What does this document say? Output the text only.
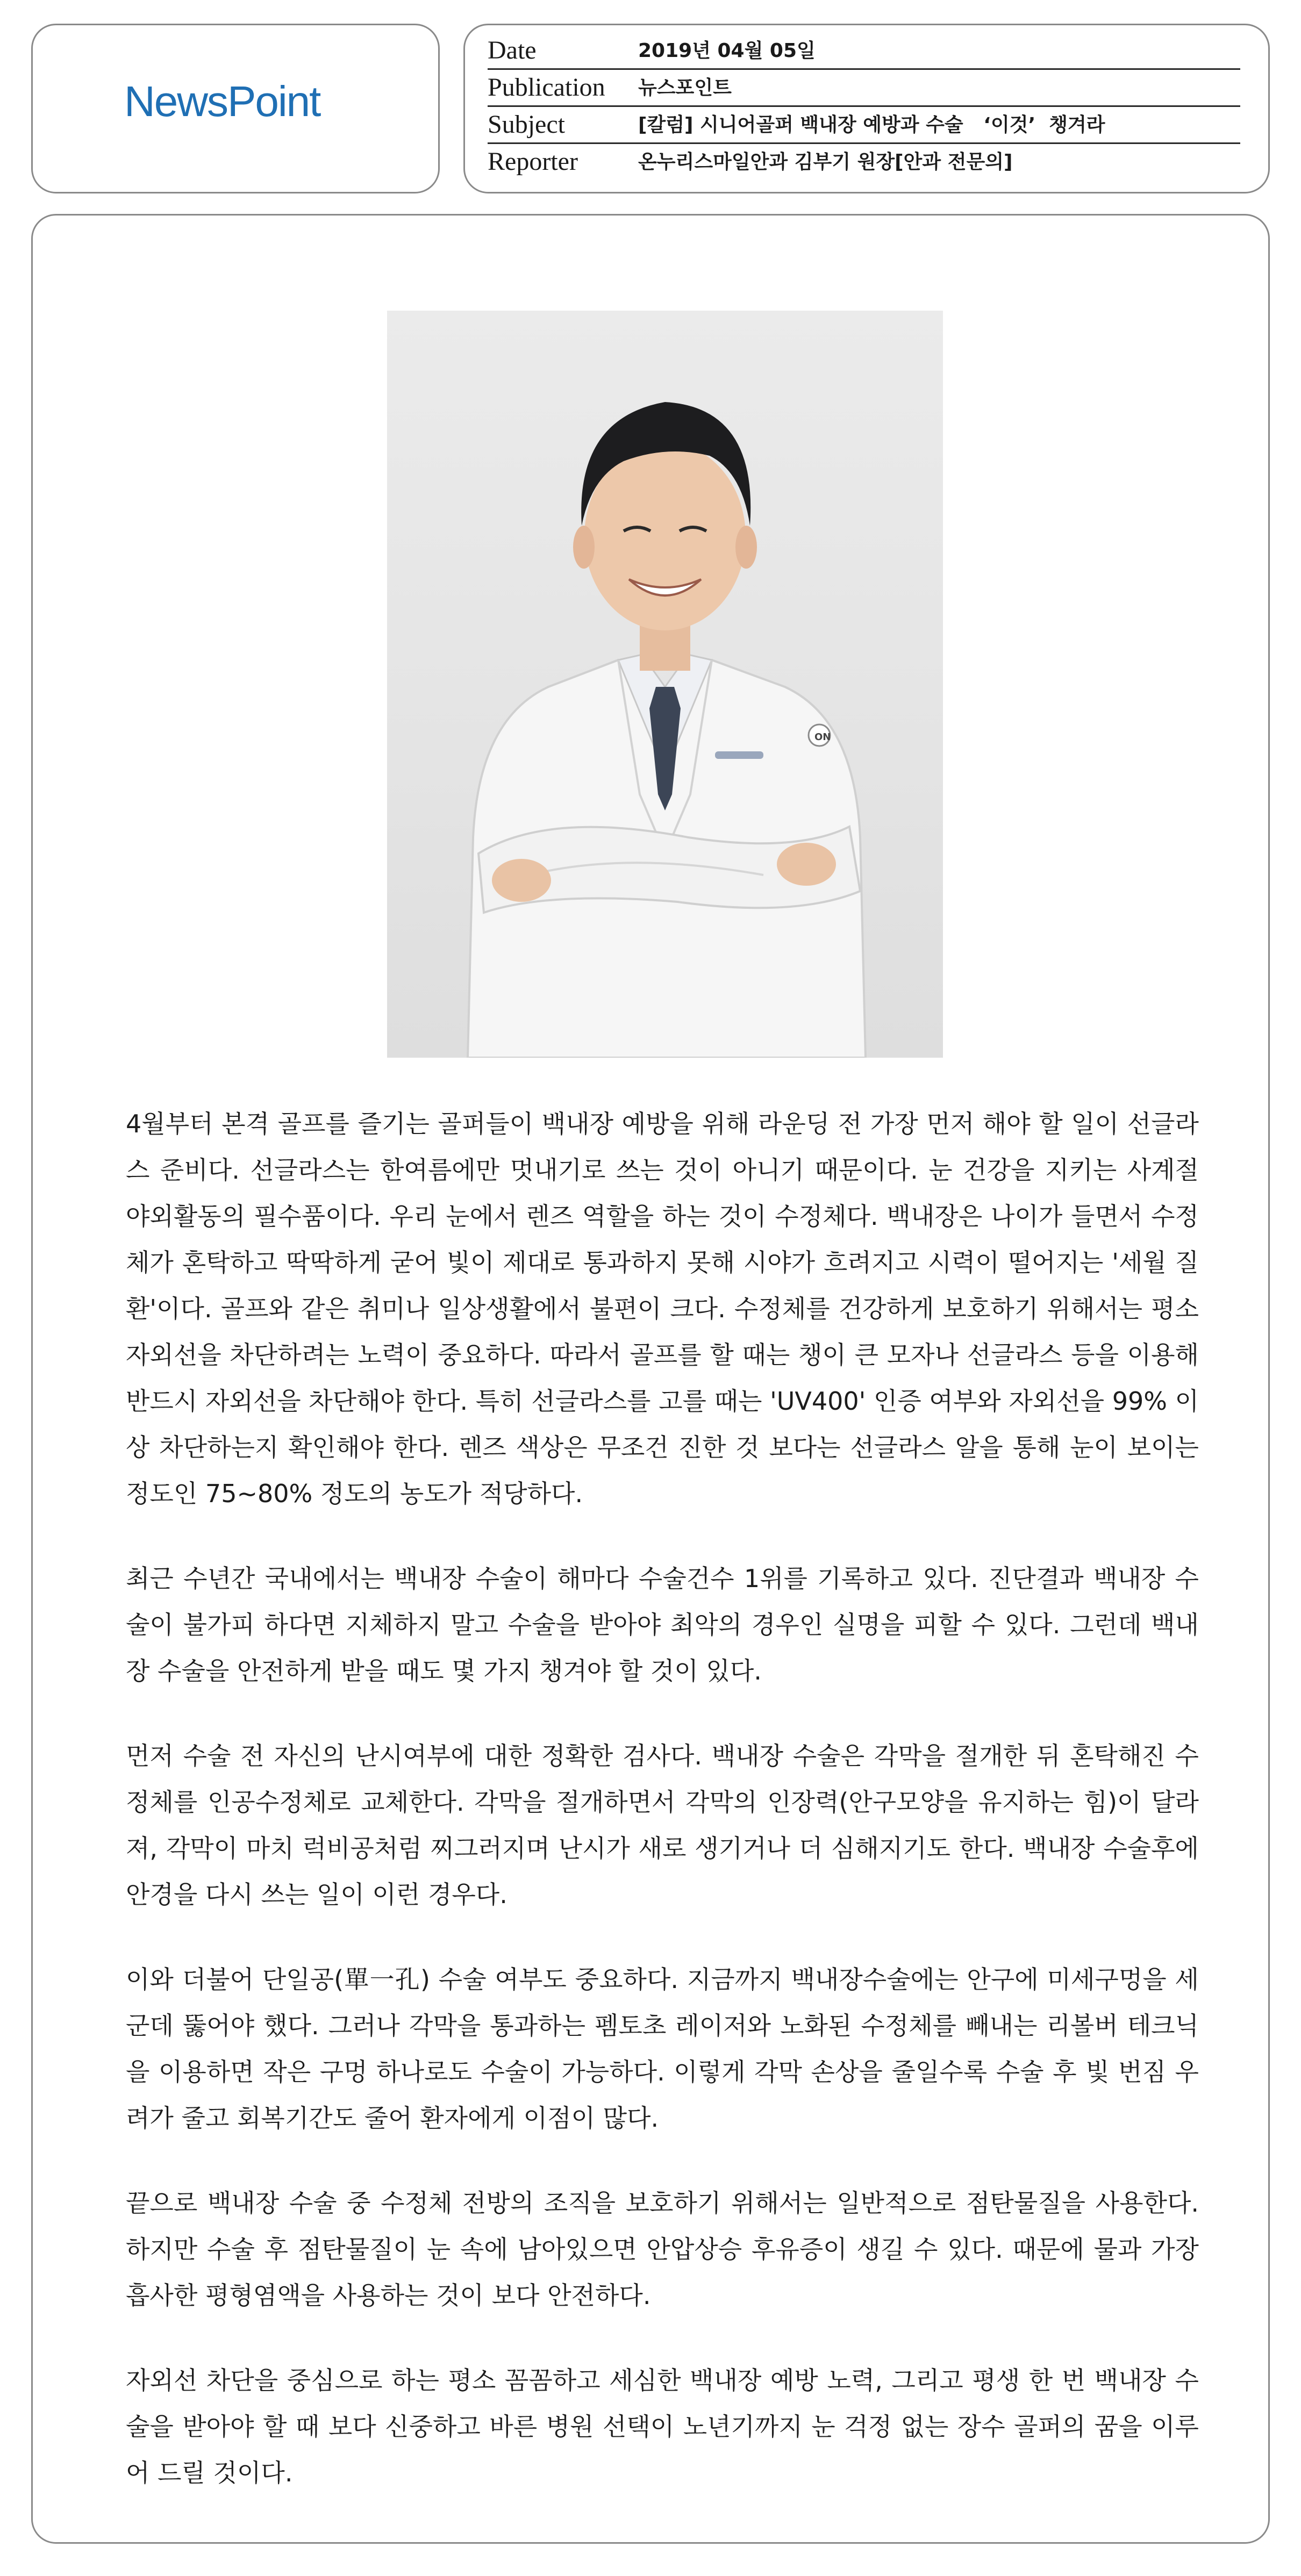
NewsPoint
Date	2019년 04월 05일
Publication 뉴스포인트
Subject	[칼럼] 시니어골퍼 백내장 예방과 수술   ‘이것’  챙겨라
Reporter	온누리스마일안과 김부기 원장[안과 전문의]
ON

4월부터 본격 골프를 즐기는 골퍼들이 백내장 예방을 위해 라운딩 전 가장 먼저 해야 할 일이 선글라스 준비다. 선글라스는 한여름에만 멋내기로 쓰는 것이 아니기 때문이다. 눈 건강을 지키는 사계절 야외활동의 필수품이다. 우리 눈에서 렌즈 역할을 하는 것이 수정체다. 백내장은 나이가 들면서 수정체가 혼탁하고 딱딱하게 굳어 빛이 제대로 통과하지 못해 시야가 흐려지고 시력이 떨어지는 '세월 질환'이다. 골프와 같은 취미나 일상생활에서 불편이 크다. 수정체를 건강하게 보호하기 위해서는 평소 자외선을 차단하려는 노력이 중요하다. 따라서 골프를 할 때는 챙이 큰 모자나 선글라스 등을 이용해 반드시 자외선을 차단해야 한다. 특히 선글라스를 고를 때는 'UV400' 인증 여부와 자외선을 99% 이상 차단하는지 확인해야 한다. 렌즈 색상은 무조건 진한 것 보다는 선글라스 알을 통해 눈이 보이는 정도인 75~80% 정도의 농도가 적당하다.

최근 수년간 국내에서는 백내장 수술이 해마다 수술건수 1위를 기록하고 있다. 진단결과 백내장 수술이 불가피 하다면 지체하지 말고 수술을 받아야 최악의 경우인 실명을 피할 수 있다. 그런데 백내장 수술을 안전하게 받을 때도 몇 가지 챙겨야 할 것이 있다.

먼저 수술 전 자신의 난시여부에 대한 정확한 검사다. 백내장 수술은 각막을 절개한 뒤 혼탁해진 수정체를 인공수정체로 교체한다. 각막을 절개하면서 각막의 인장력(안구모양을 유지하는 힘)이 달라져, 각막이 마치 럭비공처럼 찌그러지며 난시가 새로 생기거나 더 심해지기도 한다. 백내장 수술후에 안경을 다시 쓰는 일이 이런 경우다.

이와 더불어 단일공(單一孔) 수술 여부도 중요하다. 지금까지 백내장수술에는 안구에 미세구멍을 세 군데 뚫어야 했다. 그러나 각막을 통과하는 펨토초 레이저와 노화된 수정체를 빼내는 리볼버 테크닉을 이용하면 작은 구멍 하나로도 수술이 가능하다. 이렇게 각막 손상을 줄일수록 수술 후 빛 번짐 우려가 줄고 회복기간도 줄어 환자에게 이점이 많다.

끝으로 백내장 수술 중 수정체 전방의 조직을 보호하기 위해서는 일반적으로 점탄물질을 사용한다. 하지만 수술 후 점탄물질이 눈 속에 남아있으면 안압상승 후유증이 생길 수 있다. 때문에 물과 가장 흡사한 평형염액을 사용하는 것이 보다 안전하다.

자외선 차단을 중심으로 하는 평소 꼼꼼하고 세심한 백내장 예방 노력, 그리고 평생 한 번 백내장 수술을 받아야 할 때 보다 신중하고 바른 병원 선택이 노년기까지 눈 걱정 없는 장수 골퍼의 꿈을 이루어 드릴 것이다.
